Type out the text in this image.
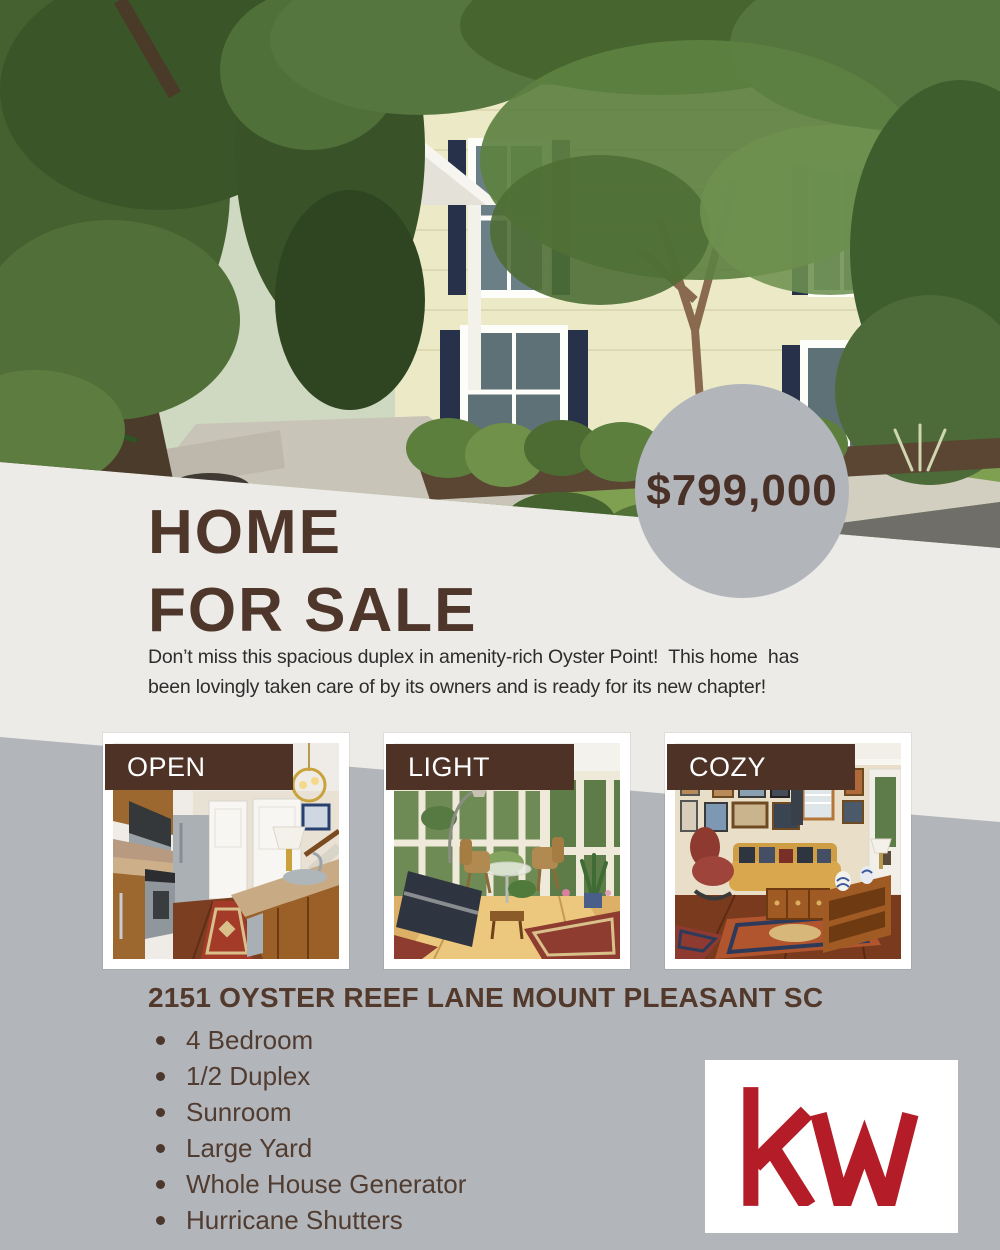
$799,000
HOME
FOR SALE

Don’t miss this spacious duplex in amenity-rich Oyster Point!  This home  has
been lovingly taken care of by its owners and is ready for its new chapter!

OPEN	LIGHT	COZY
2151 OYSTER REEF LANE MOUNT PLEASANT SC
4 Bedroom
1/2 Duplex
Sunroom
Large Yard
Whole House Generator
Hurricane Shutters
